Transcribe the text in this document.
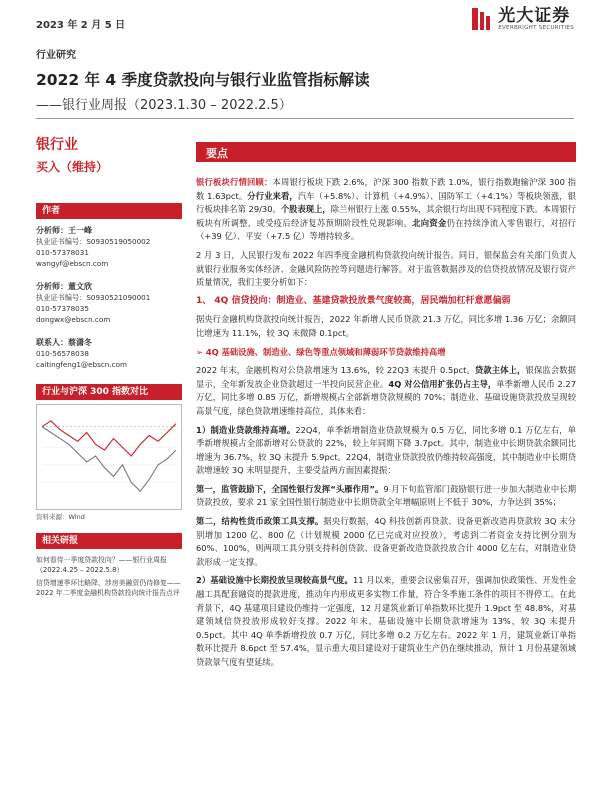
2023 年 2 月 5 日	光大证券
EVERBRIGHT SECURITIES
行业研究
2022 年 4 季度贷款投向与银行业监管指标解读
——银行业周报（2023.1.30 – 2022.2.5）
银行业
买入（维持）
作者
分析师：王一峰
执业证书编号：S0930519050002
010-57378031
wangyf@ebscn.com
分析师：董文欣
执业证书编号：S0930521090001
010-57378035
dongwx@ebscn.com
联系人：蔡潇冬
010-56578038
caitingfeng1@ebscn.com
行业与沪深 300 指数对比
资料来源：Wind
相关研报
如何看待一季度贷款投向？——银行业周报（2022.4.25 – 2022.5.8）
信贷增速季环比略降，涉房美融资仍待修复——2022 年二季度金融机构贷款投向统计报告点评
要点

银行板块行情回顾：本周银行板块下跌 2.6%，沪深 300 指数下跌 1.0%，银行指数跑输沪深 300 指数 1.63pct。分行业来看，汽车（+5.8%）、计算机（+4.9%）、国防军工（+4.1%）等板块领涨，银行板块排名第 29/30。个股表现上，除兰州银行上涨 0.55%，其余银行均出现不同程度下跌。本周银行板块有所调整，或受疫后经济复苏预期阶段性兑现影响。北向资金仍在持续净流入零售银行，对招行（+39 亿）、平安（+7.5 亿）等增持较多。

2 月 3 日，人民银行发布 2022 年四季度金融机构贷款投向统计报告。同日，银保监会有关部门负责人就银行业服务实体经济、金融风险防控等问题进行解答。对于监管数据涉及的信贷投放情况及银行资产质量情况，我们主要分析如下：

1、 4Q 信贷投向：制造业、基建贷款投放景气度较高，居民端加杠杆意愿偏弱

据央行金融机构贷款投向统计报告，2022 年新增人民币贷款 21.3 万亿，同比多增 1.36 万亿；余额同比增速为 11.1%，较 3Q 末微降 0.1pct。

➢ 4Q 基础设施、制造业、绿色等重点领域和薄弱环节贷款维持高增

2022 年末，金融机构对公贷款增速为 13.6%，较 22Q3 末提升 0.5pct。贷款主体上，银保监会数据显示，全年新发放企业贷款超过一半投向民营企业。4Q 对公信用扩张仍占主导，单季新增人民币 2.27 万亿，同比多增 0.85 万亿，新增规模占全部新增贷款规模的 70%；制造业、基础设施贷款投放呈现较高景气度，绿色贷款增速维持高位，具体来看：

1）制造业贷款维持高增。22Q4，单季新增制造业贷款规模为 0.5 万亿，同比多增 0.1 万亿左右，单季新增规模占全部新增对公贷款的 22%，较上年同期下降 3.7pct。其中，制造业中长期贷款余额同比增速为 36.7%，较 3Q 末提升 5.9pct。22Q4，制造业贷款投放仍维持较高强度，其中制造业中长期贷款增速较 3Q 末明显提升，主要受益两方面因素提振：

第一，监管鼓励下，全国性银行发挥“头雁作用”。9 月下旬监管部门鼓励银行进一步加大制造业中长期贷款投放，要求 21 家全国性银行制造业中长期贷款全年增幅原则上不低于 30%，力争达到 35%；

第二，结构性货币政策工具支撑。据央行数据，4Q 科技创新再贷款、设备更新改造再贷款较 3Q 末分别增加 1200 亿、800 亿（计划规模 2000 亿已完成对应投放），考虑到二者资金支持比例分别为 60%、100%，则两项工具分别支持科创贷款、设备更新改造贷款投放合计 4000 亿左右，对制造业贷款形成一定支撑。

2）基础设施中长期投放呈现较高景气度。11 月以来，重要会议密集召开，强调加快政策性、开发性金融工具配套融资的提款进度，推动年内形成更多实物工作量，符合冬季施工条件的项目不得停工。在此背景下，4Q 基建项目建设仍维持一定强度，12 月建筑业新订单指数环比提升 1.9pct 至 48.8%，对基建领域信贷投放形成较好支撑。2022 年末，基础设施中长期贷款增速为 13%，较 3Q 末提升 0.5pct。其中 4Q 单季新增投放 0.7 万亿，同比多增 0.2 万亿左右。2022 年 1 月，建筑业新订单指数环比提升 8.6pct 至 57.4%，显示重大项目建设对于建筑业生产仍在继续推动，预计 1 月份基建领域贷款景气度有望延续。
